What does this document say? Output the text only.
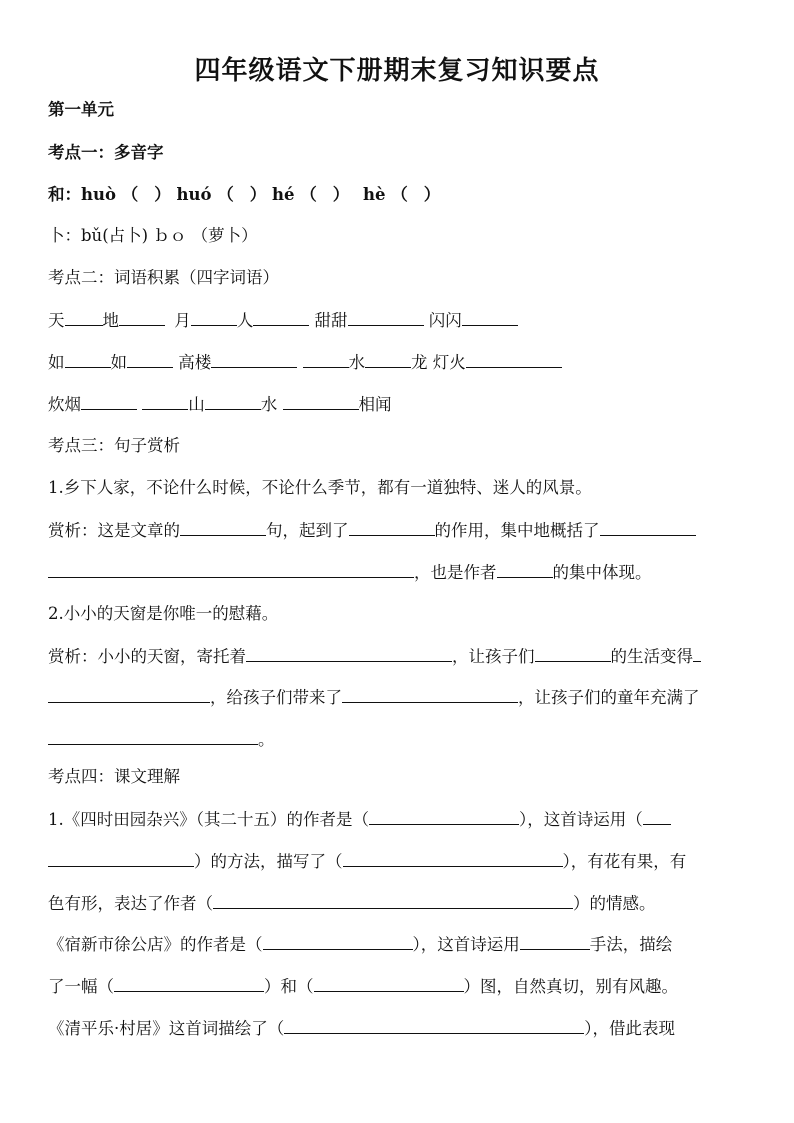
四年级语文下册期末复习知识要点
第一单元
考点一：多音字
和：huò （ ） huó （ ） hé （ ） hè （ ）
卜：bǔ(占卜) ｂｏ （萝卜）
考点二：词语积累（四字词语）
天 地	月	人	甜甜	闪闪
如	如	高楼	水	龙 灯火
炊烟	山	水	相闻
考点三：句子赏析
1.乡下人家，不论什么时候，不论什么季节，都有一道独特、迷人的风景。
赏析：这是文章的	句，起到了	的作用，集中地概括了
，也是作者	的集中体现。
2.小小的天窗是你唯一的慰藉。
赏析：小小的天窗，寄托着	，让孩子们	的生活变得
，给孩子们带来了	，让孩子们的童年充满了
。
考点四：课文理解
1.《四时田园杂兴》（其二十五）的作者是（	），这首诗运用（
）的方法，描写了（	），有花有果，有
色有形，表达了作者（	）的情感。
《宿新市徐公店》的作者是（	），这首诗运用	手法，描绘
了一幅（	）和（	）图，自然真切，别有风趣。
《清平乐·村居》这首词描绘了（	），借此表现
